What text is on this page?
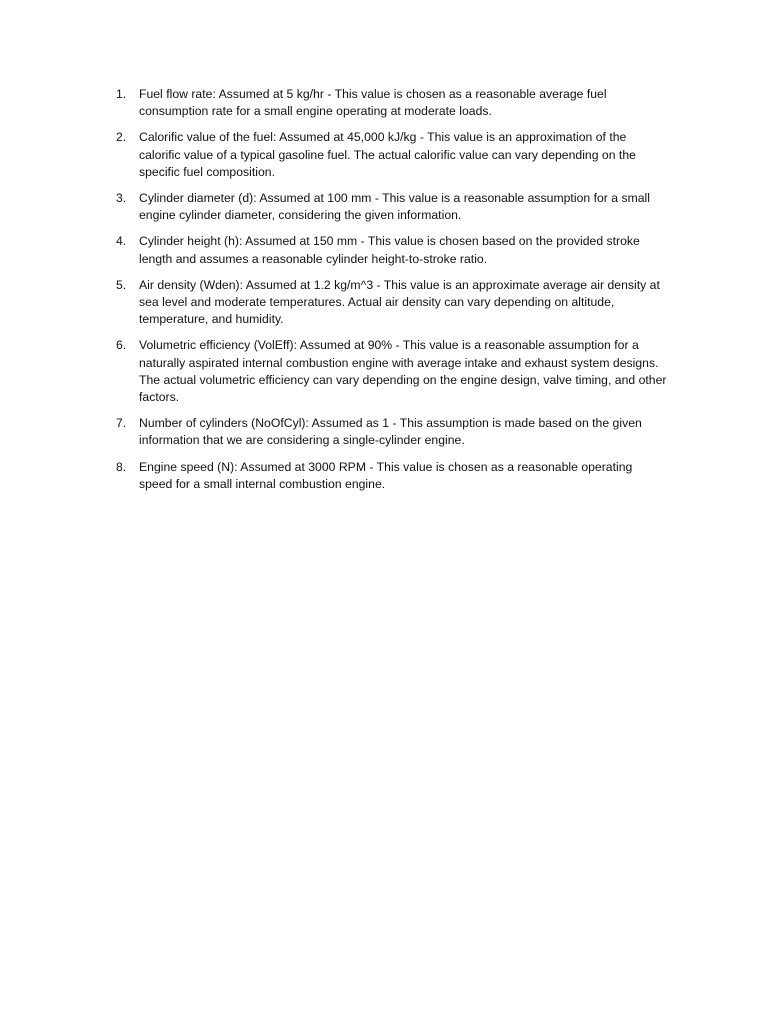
1.	Fuel flow rate: Assumed at 5 kg/hr - This value is chosen as a reasonable average fuel consumption rate for a small engine operating at moderate loads.
2.	Calorific value of the fuel: Assumed at 45,000 kJ/kg - This value is an approximation of the calorific value of a typical gasoline fuel. The actual calorific value can vary depending on the specific fuel composition.
3.	Cylinder diameter (d): Assumed at 100 mm - This value is a reasonable assumption for a small engine cylinder diameter, considering the given information.
4.	Cylinder height (h): Assumed at 150 mm - This value is chosen based on the provided stroke length and assumes a reasonable cylinder height-to-stroke ratio.
5.	Air density (Wden): Assumed at 1.2 kg/m^3 - This value is an approximate average air density at sea level and moderate temperatures. Actual air density can vary depending on altitude, temperature, and humidity.
6.	Volumetric efficiency (VolEff): Assumed at 90% - This value is a reasonable assumption for a naturally aspirated internal combustion engine with average intake and exhaust system designs. The actual volumetric efficiency can vary depending on the engine design, valve timing, and other factors.
7.	Number of cylinders (NoOfCyl): Assumed as 1 - This assumption is made based on the given information that we are considering a single-cylinder engine.
8.	Engine speed (N): Assumed at 3000 RPM - This value is chosen as a reasonable operating speed for a small internal combustion engine.
